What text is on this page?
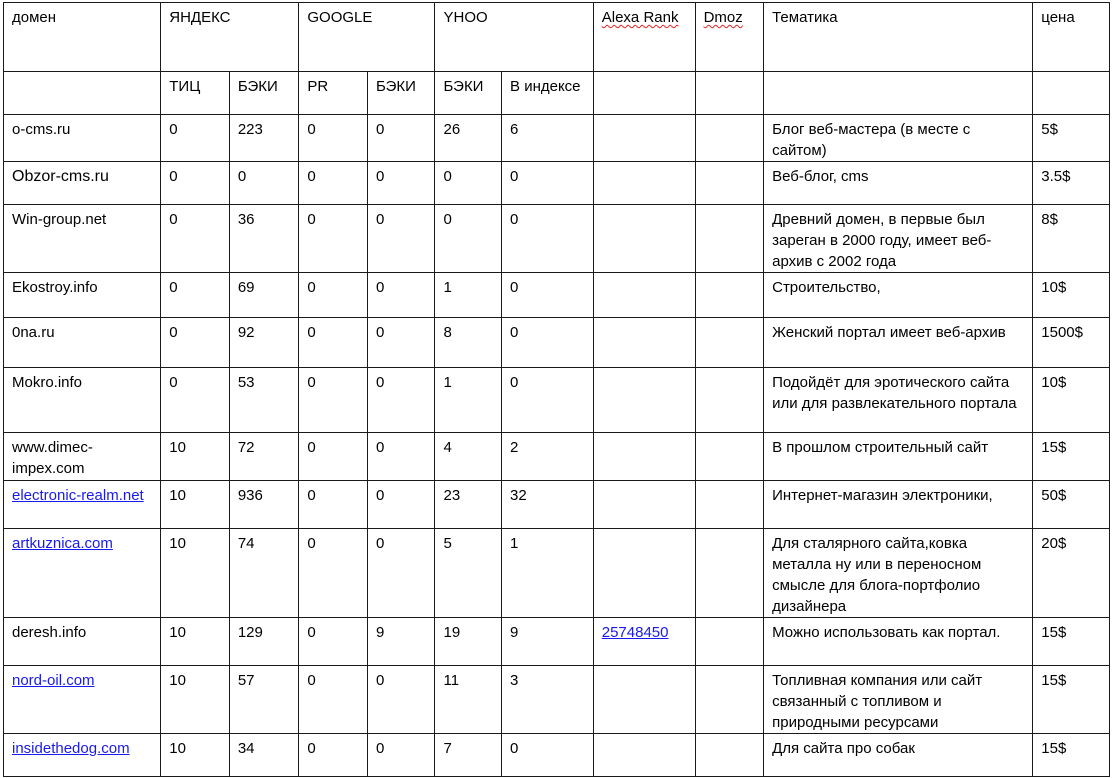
домен	ЯНДЕКС		GOOGLE		YHOO		Alexa Rank	Dmoz	Тематика	цена
	ТИЦ	БЭКИ	PR	БЭКИ	БЭКИ	В индексе				
o-cms.ru	0	223	0	0	26	6			Блог веб-мастера (в месте с сайтом)	5$
Obzor-cms.ru	0	0	0	0	0	0			Веб-блог, cms	3.5$
Win-group.net	0	36	0	0	0	0			Древний домен, в первые был зареган в 2000 году, имеет веб-архив с 2002 года	8$
Ekostroy.info	0	69	0	0	1	0			Строительство,	10$
0na.ru	0	92	0	0	8	0			Женский портал имеет веб-архив	1500$
Mokro.info	0	53	0	0	1	0			Подойдёт для эротического сайта или для развлекательного портала	10$
www.dimec-impex.com	10	72	0	0	4	2			В прошлом строительный сайт	15$
electronic-realm.net	10	936	0	0	23	32			Интернет-магазин электроники,	50$
artkuznica.com	10	74	0	0	5	1			Для сталярного сайта,ковка металла ну или в переносном смысле для блога-портфолио дизайнера	20$
deresh.info	10	129	0	9	19	9	25748450		Можно использовать как портал.	15$
nord-oil.com	10	57	0	0	11	3			Топливная компания или сайт связанный с топливом и природными ресурсами	15$
insidethedog.com	10	34	0	0	7	0			Для сайта про собак	15$
